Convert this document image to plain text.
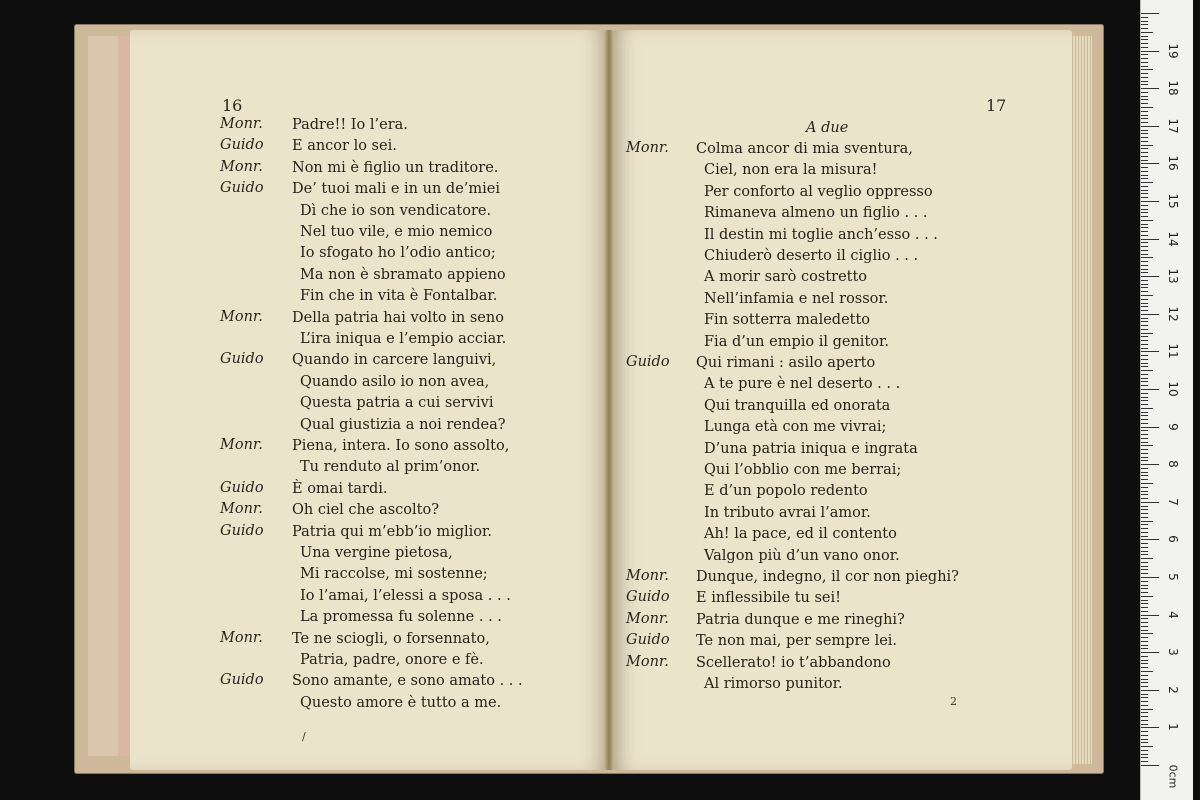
16
Monr. Padre!! Io l’era.
Guido E ancor lo sei.
Monr. Non mi è figlio un traditore.
Guido De’ tuoi mali e in un de’miei
Dì che io son vendicatore.
Nel tuo vile, e mio nemico
Io sfogato ho l’odio antico;
Ma non è sbramato appieno
Fin che in vita è Fontalbar.
Monr. Della patria hai volto in seno
L’ira iniqua e l’empio acciar.
Guido Quando in carcere languivi,
Quando asilo io non avea,
Questa patria a cui servivi
Qual giustizia a noi rendea?
Monr. Piena, intera. Io sono assolto,
Tu renduto al prim’onor.
Guido È omai tardi.
Monr. Oh ciel che ascolto?
Guido Patria qui m’ebb’io miglior.
Una vergine pietosa,
Mi raccolse, mi sostenne;
Io l’amai, l’elessi a sposa . . .
La promessa fu solenne . . .
Monr. Te ne sciogli, o forsennato,
Patria, padre, onore e fè.
Guido Sono amante, e sono amato . . .
Questo amore è tutto a me.
/
17
A due
Monr. Colma ancor di mia sventura,
Ciel, non era la misura!
Per conforto al veglio oppresso
Rimaneva almeno un figlio . . .
Il destin mi toglie anch’esso . . .
Chiuderò deserto il ciglio . . .
A morir sarò costretto
Nell’infamia e nel rossor.
Fin sotterra maledetto
Fia d’un empio il genitor.
Guido Qui rimani : asilo aperto
A te pure è nel deserto . . .
Qui tranquilla ed onorata
Lunga età con me vivrai;
D’una patria iniqua e ingrata
Qui l’obblio con me berrai;
E d’un popolo redento
In tributo avrai l’amor.
Ah! la pace, ed il contento
Valgon più d’un vano onor.
Monr. Dunque, indegno, il cor non pieghi?
Guido E inflessibile tu sei!
Monr. Patria dunque e me rineghi?
Guido Te non mai, per sempre lei.
Monr. Scellerato! io t’abbandono
Al rimorso punitor.
2
1
2
3
4
5
6
7
8
9
10
11
12
13
14
15
16
17
18
19
0cm
